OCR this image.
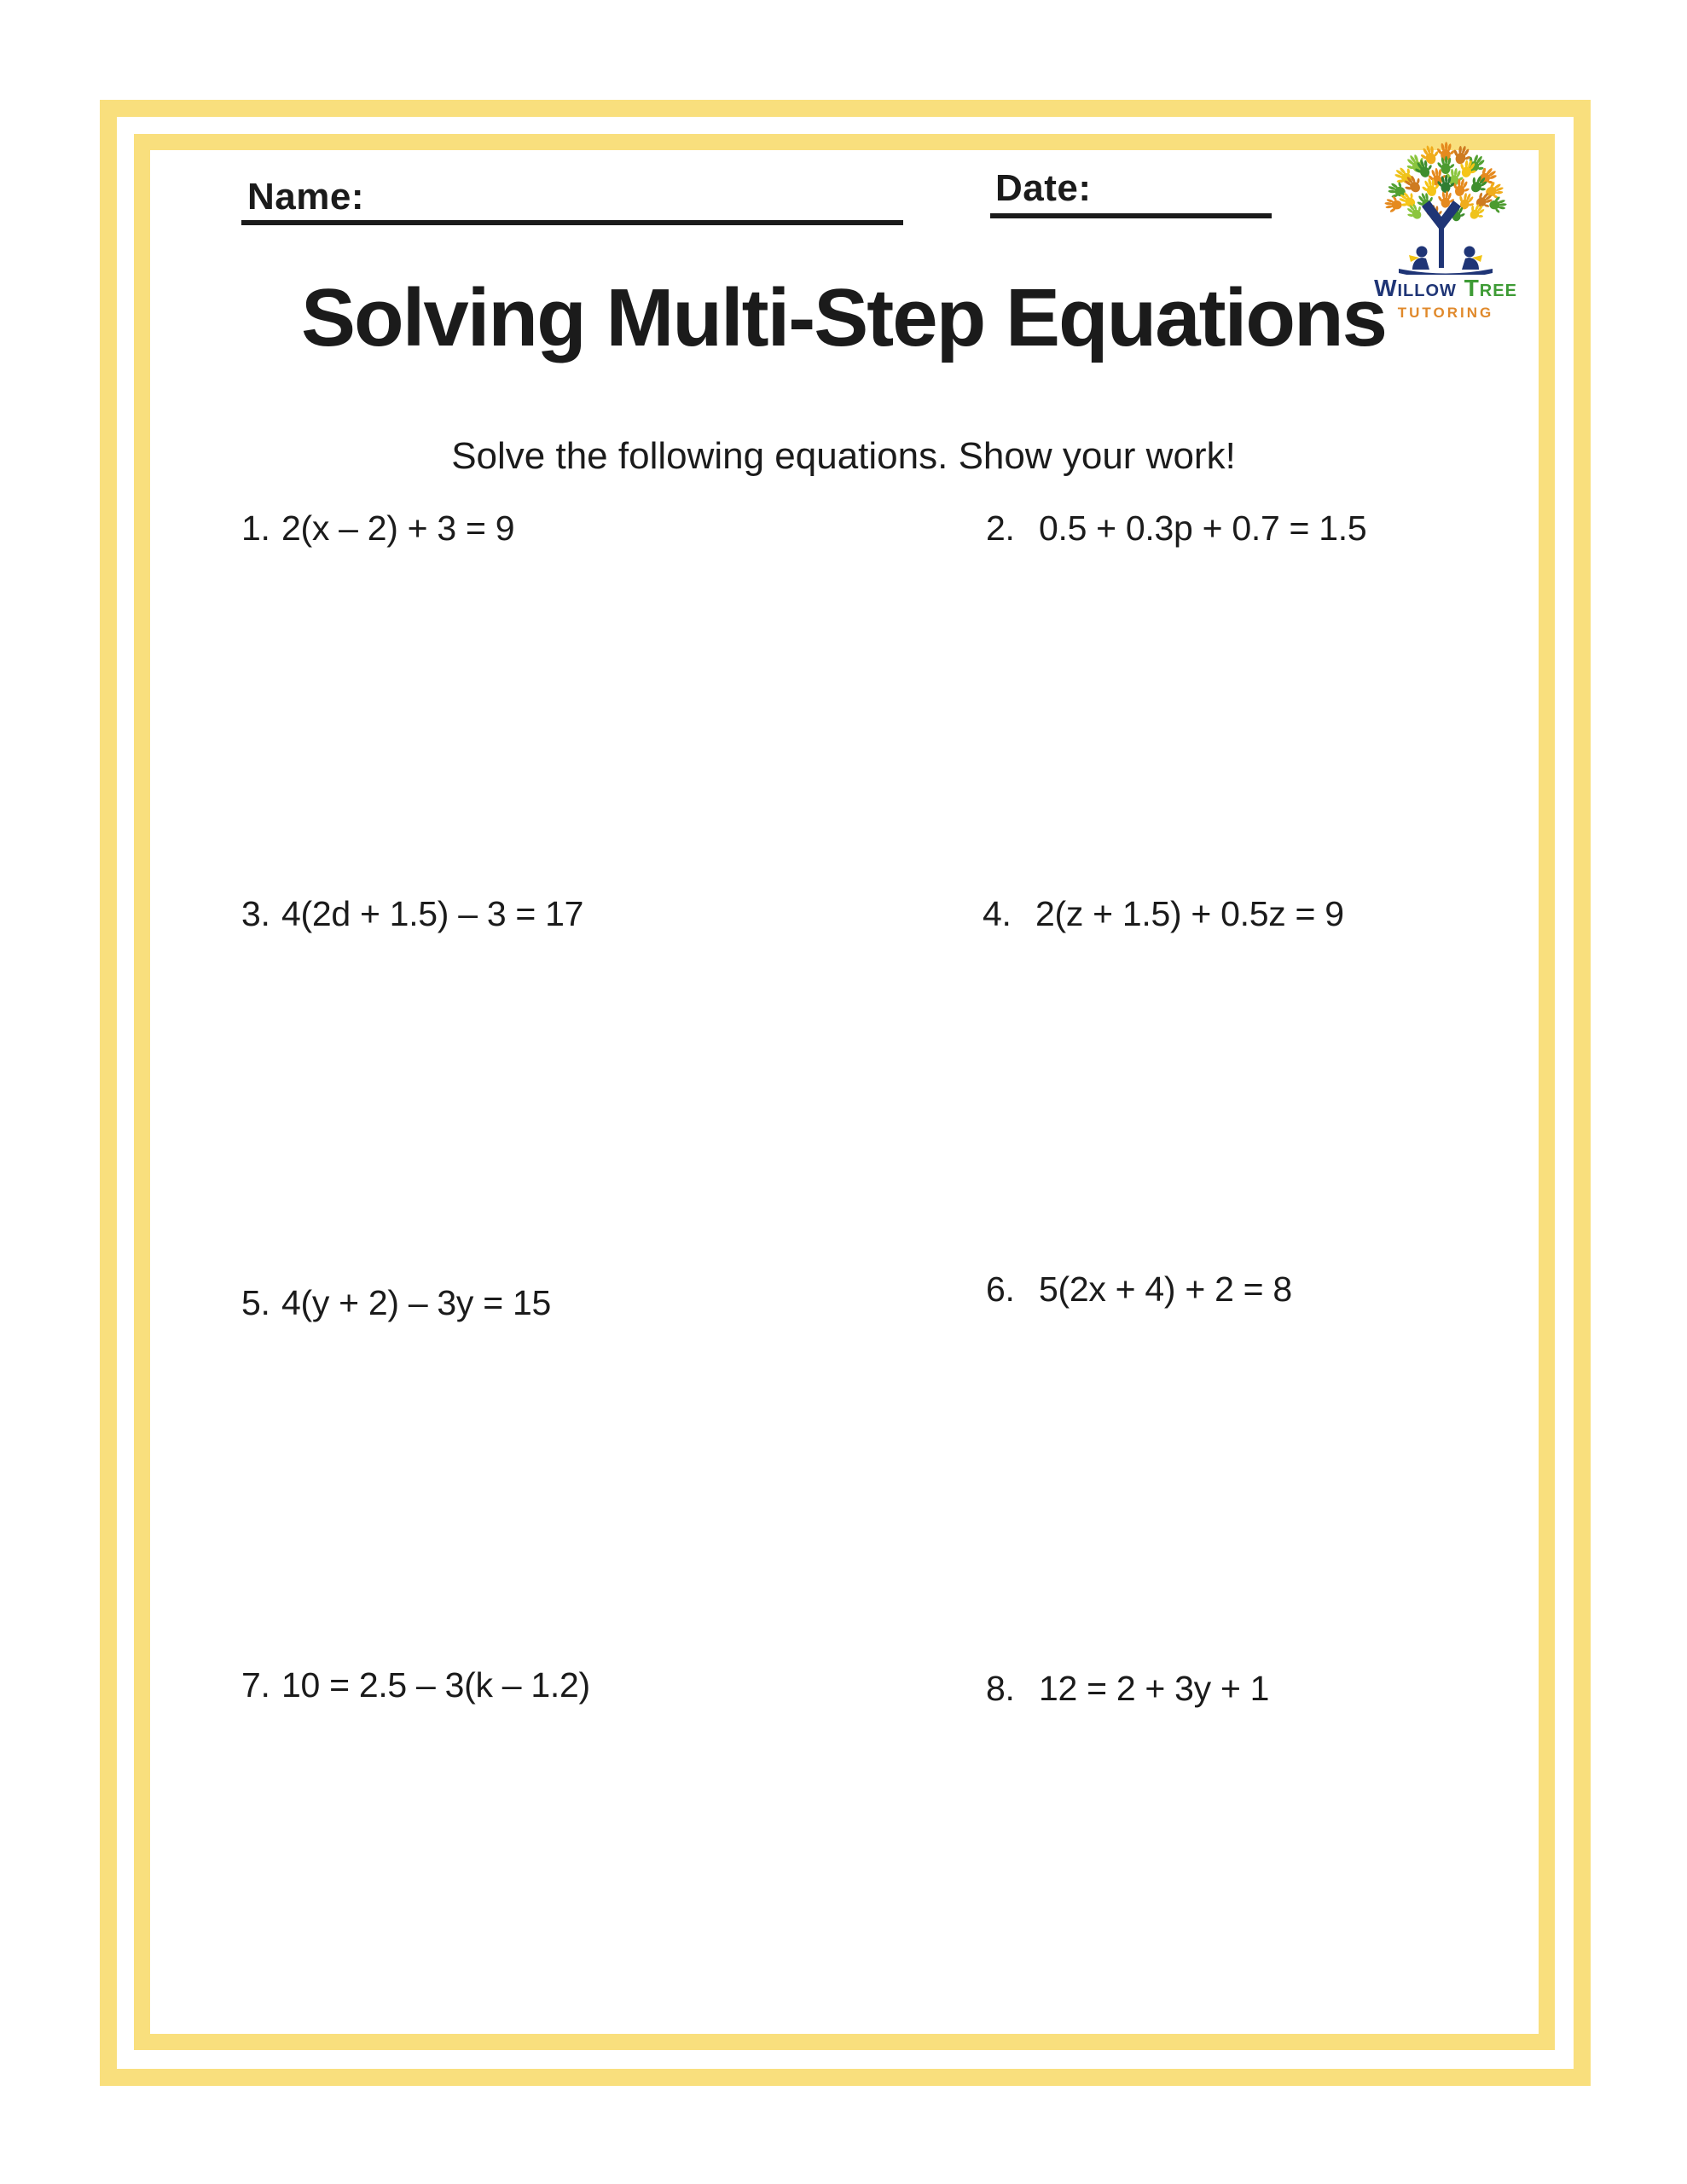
Name:	Date:
Willow Tree
TUTORING
Solving Multi-Step Equations
Solve the following equations. Show your work!
1. 2(x – 2) + 3 = 9	2. 0.5 + 0.3p + 0.7 = 1.5
3. 4(2d + 1.5) – 3 = 17	4. 2(z + 1.5) + 0.5z = 9
5. 4(y + 2) – 3y = 15	6. 5(2x + 4) + 2 = 8
7. 10 = 2.5 – 3(k – 1.2)	8. 12 = 2 + 3y + 1
